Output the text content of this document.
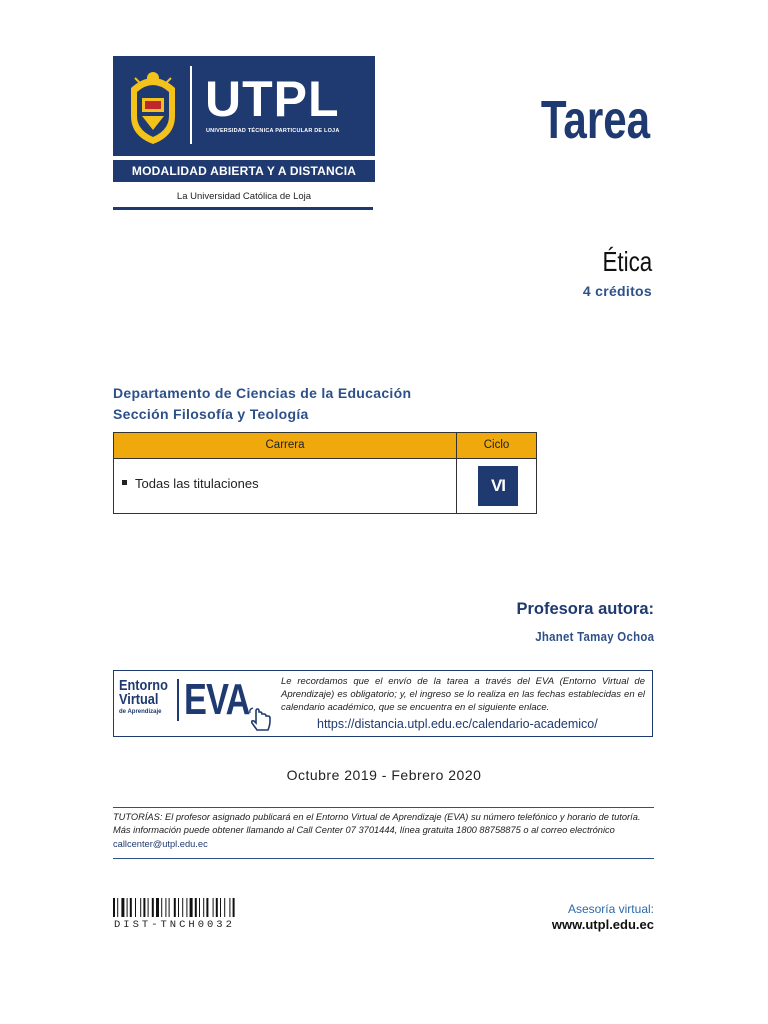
UTPL
UNIVERSIDAD TÉCNICA PARTICULAR DE LOJA
MODALIDAD ABIERTA Y A DISTANCIA
La Universidad Católica de Loja
Tarea
Ética
4 créditos
Departamento de Ciencias de la Educación
Sección Filosofía y Teología
Carrera	Ciclo
Todas las titulaciones	VI
Profesora autora:
Jhanet Tamay Ochoa
Entorno
Virtual
de Aprendizaje EVA	Le recordamos que el envío de la tarea a través del EVA (Entorno Virtual de Aprendizaje) es obligatorio; y, el ingreso se lo realiza en las fechas establecidas en el calendario académico, que se encuentra en el siguiente enlace.
https://distancia.utpl.edu.ec/calendario-academico/
Octubre 2019 - Febrero 2020
TUTORÍAS: El profesor asignado publicará en el Entorno Virtual de Aprendizaje (EVA) su número telefónico y horario de tutoría. Más información puede obtener llamando al Call Center 07 3701444, línea gratuita 1800 88758875 o al correo electrónico
callcenter@utpl.edu.ec
DIST-TNCH0032
Asesoría virtual:
www.utpl.edu.ec
